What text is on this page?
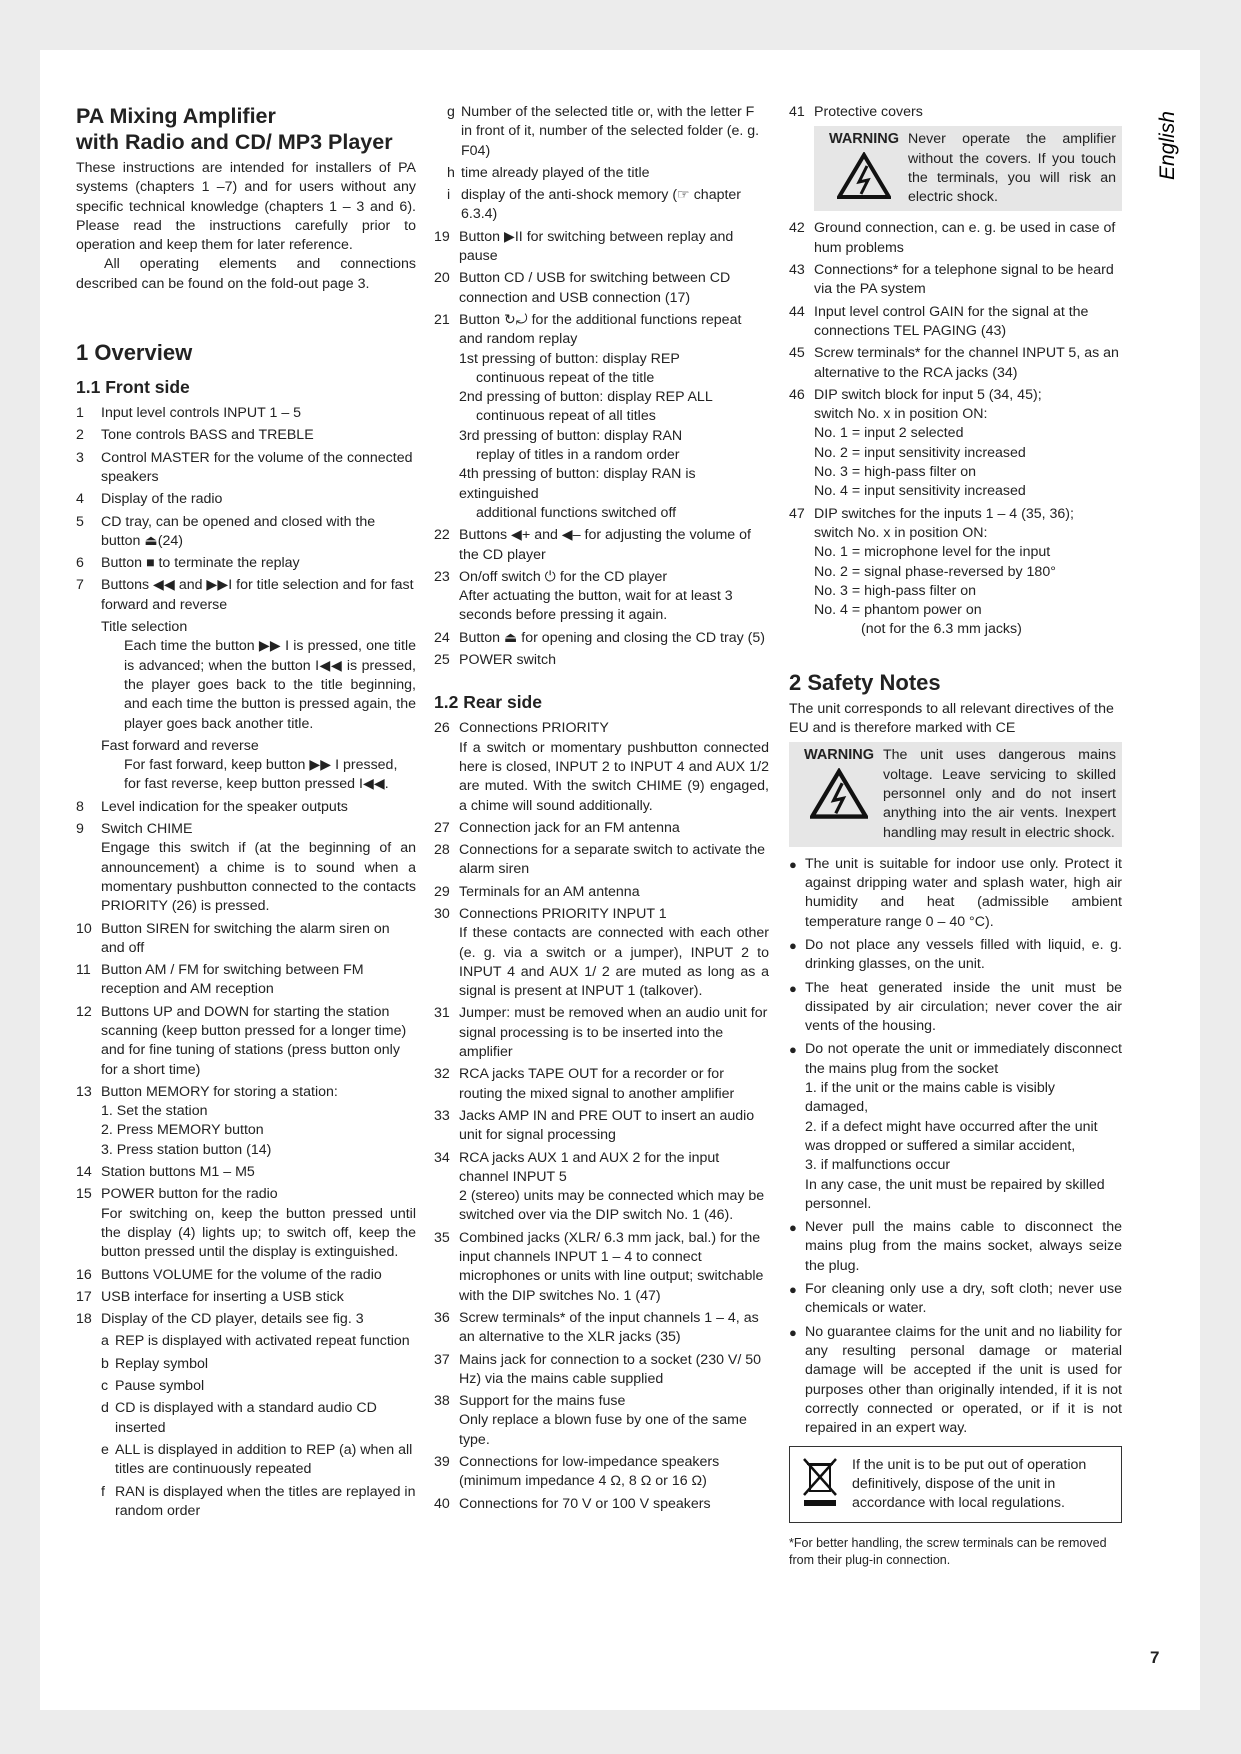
PA Mixing Amplifier
with Radio and CD/ MP3 Player

These instructions are intended for installers of PA systems (chapters 1 –7) and for users without any specific technical knowledge (chapters 1 – 3 and 6). Please read the instructions carefully prior to operation and keep them for later reference.

All operating elements and connections described can be found on the fold-out page 3.

1 Overview
1.1 Front side
1	Input level controls INPUT 1 – 5
2	Tone controls BASS and TREBLE
3	Control MASTER for the volume of the connected speakers
4	Display of the radio
5	CD tray, can be opened and closed with the button ⏏(24)
6	Button ■ to terminate the replay
7	Buttons ◀◀ and ▶▶I for title selection and for fast forward and reverse
Title selection
Each time the button ▶▶ I is pressed, one title is advanced; when the button I◀◀ is pressed, the player goes back to the title beginning, and each time the button is pressed again, the player goes back another title.
Fast forward and reverse
For fast forward, keep button ▶▶ I pressed, for fast reverse, keep button pressed I◀◀.
8	Level indication for the speaker outputs
9	Switch CHIME
Engage this switch if (at the beginning of an announcement) a chime is to sound when a momentary pushbutton connected to the contacts PRIORITY (26) is pressed.
10 Button SIREN for switching the alarm siren on and off
11 Button AM / FM for switching between FM reception and AM reception
12 Buttons UP and DOWN for starting the station scanning (keep button pressed for a longer time) and for fine tuning of stations (press button only for a short time)
13 Button MEMORY for storing a station:
1. Set the station
2. Press MEMORY button
3. Press station button (14)
14 Station buttons M1 – M5
15 POWER button for the radio
For switching on, keep the button pressed until the display (4) lights up; to switch off, keep the button pressed until the display is extinguished.
16 Buttons VOLUME for the volume of the radio
17 USB interface for inserting a USB stick
18 Display of the CD player, details see fig. 3
a REP is displayed with activated repeat function
b Replay symbol
c Pause symbol
d CD is displayed with a standard audio CD inserted
e ALL is displayed in addition to REP (a) when all titles are continuously repeated
f RAN is displayed when the titles are replayed in random order
g Number of the selected title or, with the letter F in front of it, number of the selected folder (e. g. F04)
h time already played of the title
i display of the anti-shock memory (☞ chapter 6.3.4)
19 Button ▶II for switching between replay and pause
20 Button CD / USB for switching between CD connection and USB connection (17)
21 Button ↻⤾ for the additional functions repeat and random replay
1st pressing of button: display REP
continuous repeat of the title
2nd pressing of button: display REP ALL
continuous repeat of all titles
3rd pressing of button: display RAN
replay of titles in a random order
4th pressing of button: display RAN is extinguished
additional functions switched off
22 Buttons ◀+ and ◀– for adjusting the volume of the CD player
23 On/off switch ⏻ for the CD player
After actuating the button, wait for at least 3 seconds before pressing it again.
24 Button ⏏ for opening and closing the CD tray (5)
25 POWER switch
1.2 Rear side
26 Connections PRIORITY
If a switch or momentary pushbutton connected here is closed, INPUT 2 to INPUT 4 and AUX 1/2 are muted. With the switch CHIME (9) engaged, a chime will sound additionally.
27 Connection jack for an FM antenna
28 Connections for a separate switch to activate the alarm siren
29 Terminals for an AM antenna
30 Connections PRIORITY INPUT 1
If these contacts are connected with each other (e. g. via a switch or a jumper), INPUT 2 to INPUT 4 and AUX 1/ 2 are muted as long as a signal is present at INPUT 1 (talkover).
31 Jumper: must be removed when an audio unit for signal processing is to be inserted into the amplifier
32 RCA jacks TAPE OUT for a recorder or for routing the mixed signal to another amplifier
33 Jacks AMP IN and PRE OUT to insert an audio unit for signal processing
34 RCA jacks AUX 1 and AUX 2 for the input channel INPUT 5
2 (stereo) units may be connected which may be switched over via the DIP switch No. 1 (46).
35 Combined jacks (XLR/ 6.3 mm jack, bal.) for the input channels INPUT 1 – 4 to connect microphones or units with line output; switchable with the DIP switches No. 1 (47)
36 Screw terminals* of the input channels 1 – 4, as an alternative to the XLR jacks (35)
37 Mains jack for connection to a socket (230 V/ 50 Hz) via the mains cable supplied
38 Support for the mains fuse
Only replace a blown fuse by one of the same type.
39 Connections for low-impedance speakers (minimum impedance 4 Ω, 8 Ω or 16 Ω)
40 Connections for 70 V or 100 V speakers
41 Protective covers
WARNING Never operate the amplifier without the covers. If you touch the terminals, you will risk an electric shock.
42 Ground connection, can e. g. be used in case of hum problems
43 Connections* for a telephone signal to be heard via the PA system
44 Input level control GAIN for the signal at the connections TEL PAGING (43)
45 Screw terminals* for the channel INPUT 5, as an alternative to the RCA jacks (34)
46 DIP switch block for input 5 (34, 45);
switch No. x in position ON:
No. 1 = input 2 selected
No. 2 = input sensitivity increased
No. 3 = high-pass filter on
No. 4 = input sensitivity increased
47 DIP switches for the inputs 1 – 4 (35, 36);
switch No. x in position ON:
No. 1 = microphone level for the input
No. 2 = signal phase-reversed by 180°
No. 3 = high-pass filter on
No. 4 = phantom power on
(not for the 6.3 mm jacks)
2 Safety Notes

The unit corresponds to all relevant directives of the EU and is therefore marked with CE

WARNING The unit uses dangerous mains voltage. Leave servicing to skilled personnel only and do not insert anything into the air vents. Inexpert handling may result in electric shock.
● The unit is suitable for indoor use only. Protect it against dripping water and splash water, high air humidity and heat (admissible ambient temperature range 0 – 40 °C).
● Do not place any vessels filled with liquid, e. g. drinking glasses, on the unit.
● The heat generated inside the unit must be dissipated by air circulation; never cover the air vents of the housing.
● Do not operate the unit or immediately disconnect the mains plug from the socket
1. if the unit or the mains cable is visibly damaged,
2. if a defect might have occurred after the unit was dropped or suffered a similar accident,
3. if malfunctions occur
In any case, the unit must be repaired by skilled personnel.
● Never pull the mains cable to disconnect the mains plug from the mains socket, always seize the plug.
● For cleaning only use a dry, soft cloth; never use chemicals or water.
● No guarantee claims for the unit and no liability for any resulting personal damage or material damage will be accepted if the unit is used for purposes other than originally intended, if it is not correctly connected or operated, or if it is not repaired in an expert way.
If the unit is to be put out of operation definitively, dispose of the unit in accordance with local regulations.
*For better handling, the screw terminals can be removed from their plug-in connection.
English
7
